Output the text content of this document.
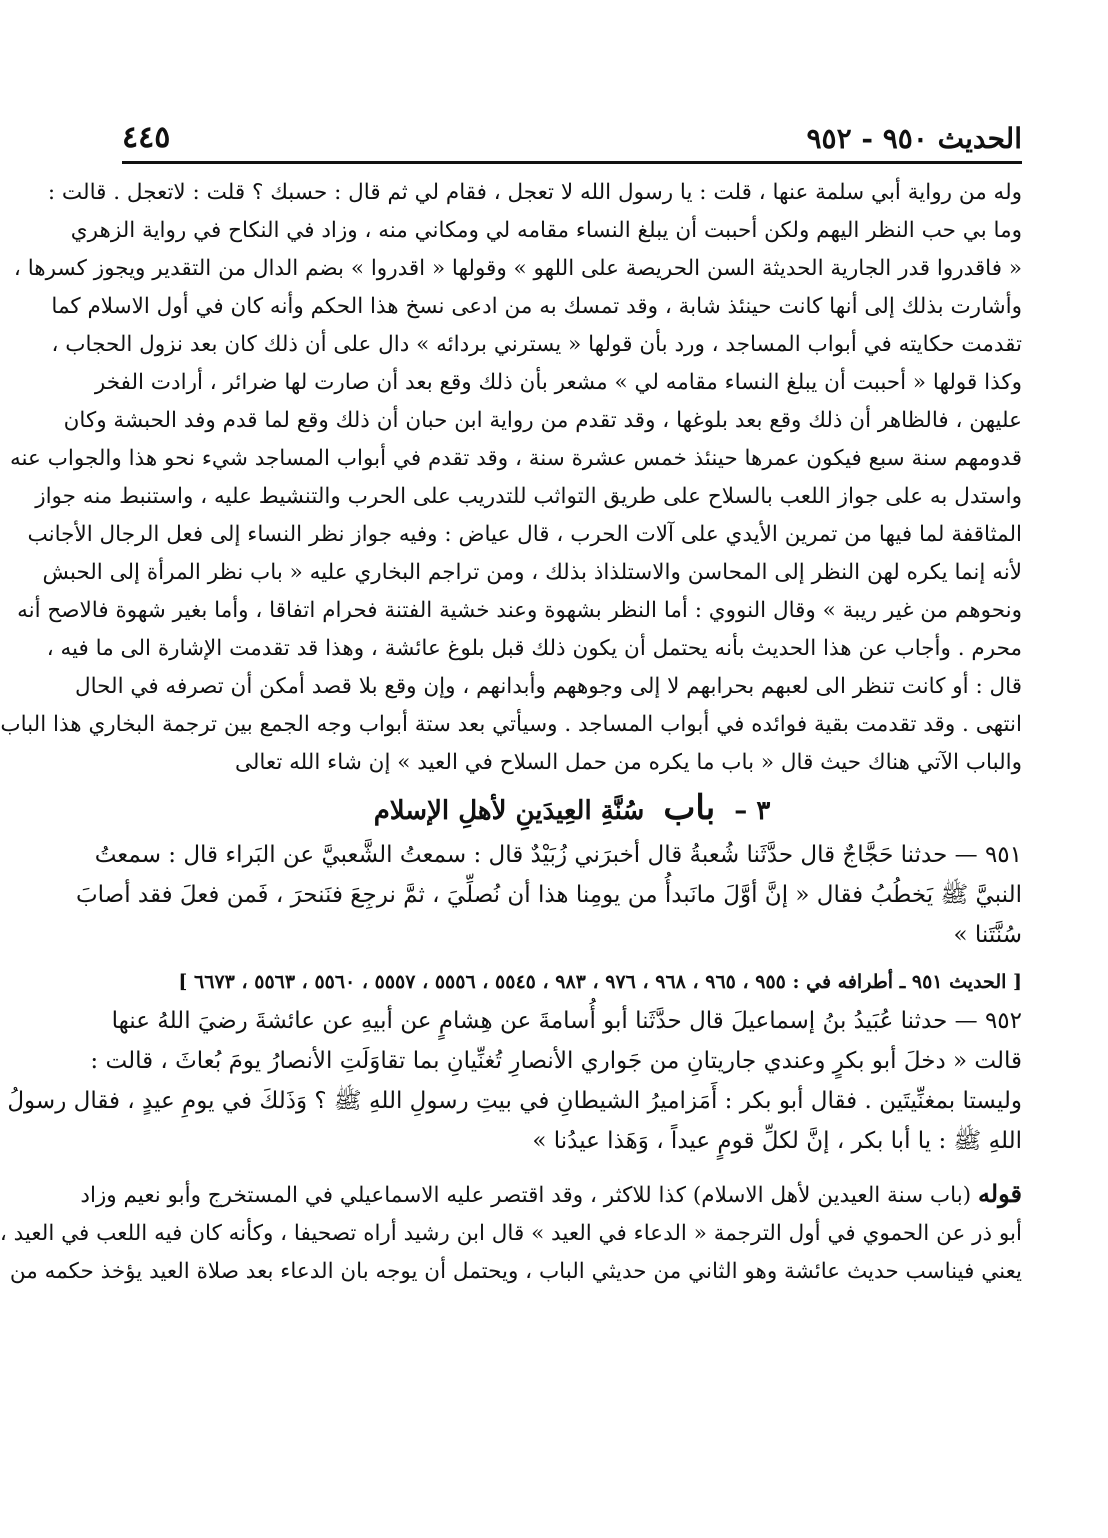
الحديث ٩٥٠ - ٩٥٢
٤٤٥
وله من رواية أبي سلمة عنها ، قلت : يا رسول الله لا تعجل ، فقام لي ثم قال : حسبك ؟ قلت : لاتعجل . قالت :
وما بي حب النظر اليهم ولكن أحببت أن يبلغ النساء مقامه لي ومكاني منه ، وزاد في النكاح في رواية الزهري
« فاقدروا قدر الجارية الحديثة السن الحريصة على اللهو » وقولها « اقدروا » بضم الدال من التقدير ويجوز كسرها ،
وأشارت بذلك إلى أنها كانت حينئذ شابة ، وقد تمسك به من ادعى نسخ هذا الحكم وأنه كان في أول الاسلام كما
تقدمت حكايته في أبواب المساجد ، ورد بأن قولها « يسترني بردائه » دال على أن ذلك كان بعد نزول الحجاب ،
وكذا قولها « أحببت أن يبلغ النساء مقامه لي » مشعر بأن ذلك وقع بعد أن صارت لها ضرائر ، أرادت الفخر
عليهن ، فالظاهر أن ذلك وقع بعد بلوغها ، وقد تقدم من رواية ابن حبان أن ذلك وقع لما قدم وفد الحبشة وكان
قدومهم سنة سبع فيكون عمرها حينئذ خمس عشرة سنة ، وقد تقدم في أبواب المساجد شيء نحو هذا والجواب عنه
واستدل به على جواز اللعب بالسلاح على طريق التواثب للتدريب على الحرب والتنشيط عليه ، واستنبط منه جواز
المثاقفة لما فيها من تمرين الأيدي على آلات الحرب ، قال عياض : وفيه جواز نظر النساء إلى فعل الرجال الأجانب
لأنه إنما يكره لهن النظر إلى المحاسن والاستلذاذ بذلك ، ومن تراجم البخاري عليه « باب نظر المرأة إلى الحبش
ونحوهم من غير ريبة » وقال النووي : أما النظر بشهوة وعند خشية الفتنة فحرام اتفاقا ، وأما بغير شهوة فالاصح أنه
محرم . وأجاب عن هذا الحديث بأنه يحتمل أن يكون ذلك قبل بلوغ عائشة ، وهذا قد تقدمت الإشارة الى ما فيه ،
قال : أو كانت تنظر الى لعبهم بحرابهم لا إلى وجوههم وأبدانهم ، وإن وقع بلا قصد أمكن أن تصرفه في الحال
انتهى . وقد تقدمت بقية فوائده في أبواب المساجد . وسيأتي بعد ستة أبواب وجه الجمع بين ترجمة البخاري هذا الباب
والباب الآتي هناك حيث قال « باب ما يكره من حمل السلاح في العيد » إن شاء الله تعالى
٣ – باب سُنَّةِ العِيدَينِ لأهلِ الإسلام
٩٥١ — حدثنا حَجَّاجٌ قال حدَّثَنا شُعبةُ قال أخبرَني زُبَيْدٌ قال : سمعتُ الشَّعبيَّ عن البَراء قال : سمعتُ
النبيَّ ﷺ يَخطُبُ فقال « إنَّ أوَّلَ مانَبدأُ من يومِنا هذا أن نُصلِّيَ ، ثمَّ نرجِعَ فنَنحرَ ، فَمن فعلَ فقد أصابَ
سُنَّتَنا »
[ الحديث ٩٥١ ـ أطرافه في : ٩٥٥ ، ٩٦٥ ، ٩٦٨ ، ٩٧٦ ، ٩٨٣ ، ٥٥٤٥ ، ٥٥٥٦ ، ٥٥٥٧ ، ٥٥٦٠ ، ٥٥٦٣ ، ٦٦٧٣ ]
٩٥٢ — حدثنا عُبَيدُ بنُ إسماعيلَ قال حدَّثَنا أبو أُسامةَ عن هِشامٍ عن أبيهِ عن عائشةَ رضيَ اللهُ عنها
قالت « دخلَ أبو بكرٍ وعندي جاريتانِ من جَواري الأنصارِ تُغنِّيانِ بما تقاوَلَتِ الأنصارُ يومَ بُعاثَ ، قالت :
وليستا بمغنِّيتَين . فقال أبو بكر : أَمَزاميرُ الشيطانِ في بيتِ رسولِ اللهِ ﷺ ؟ وَذَلكَ في يومِ عيدٍ ، فقال رسولُ
اللهِ ﷺ : يا أبا بكر ، إنَّ لكلِّ قومٍ عيداً ، وَهَذا عيدُنا »
قوله (باب سنة العيدين لأهل الاسلام) كذا للاكثر ، وقد اقتصر عليه الاسماعيلي في المستخرج وأبو نعيم وزاد
أبو ذر عن الحموي في أول الترجمة « الدعاء في العيد » قال ابن رشيد أراه تصحيفا ، وكأنه كان فيه اللعب في العيد ،
يعني فيناسب حديث عائشة وهو الثاني من حديثي الباب ، ويحتمل أن يوجه بان الدعاء بعد صلاة العيد يؤخذ حكمه من
